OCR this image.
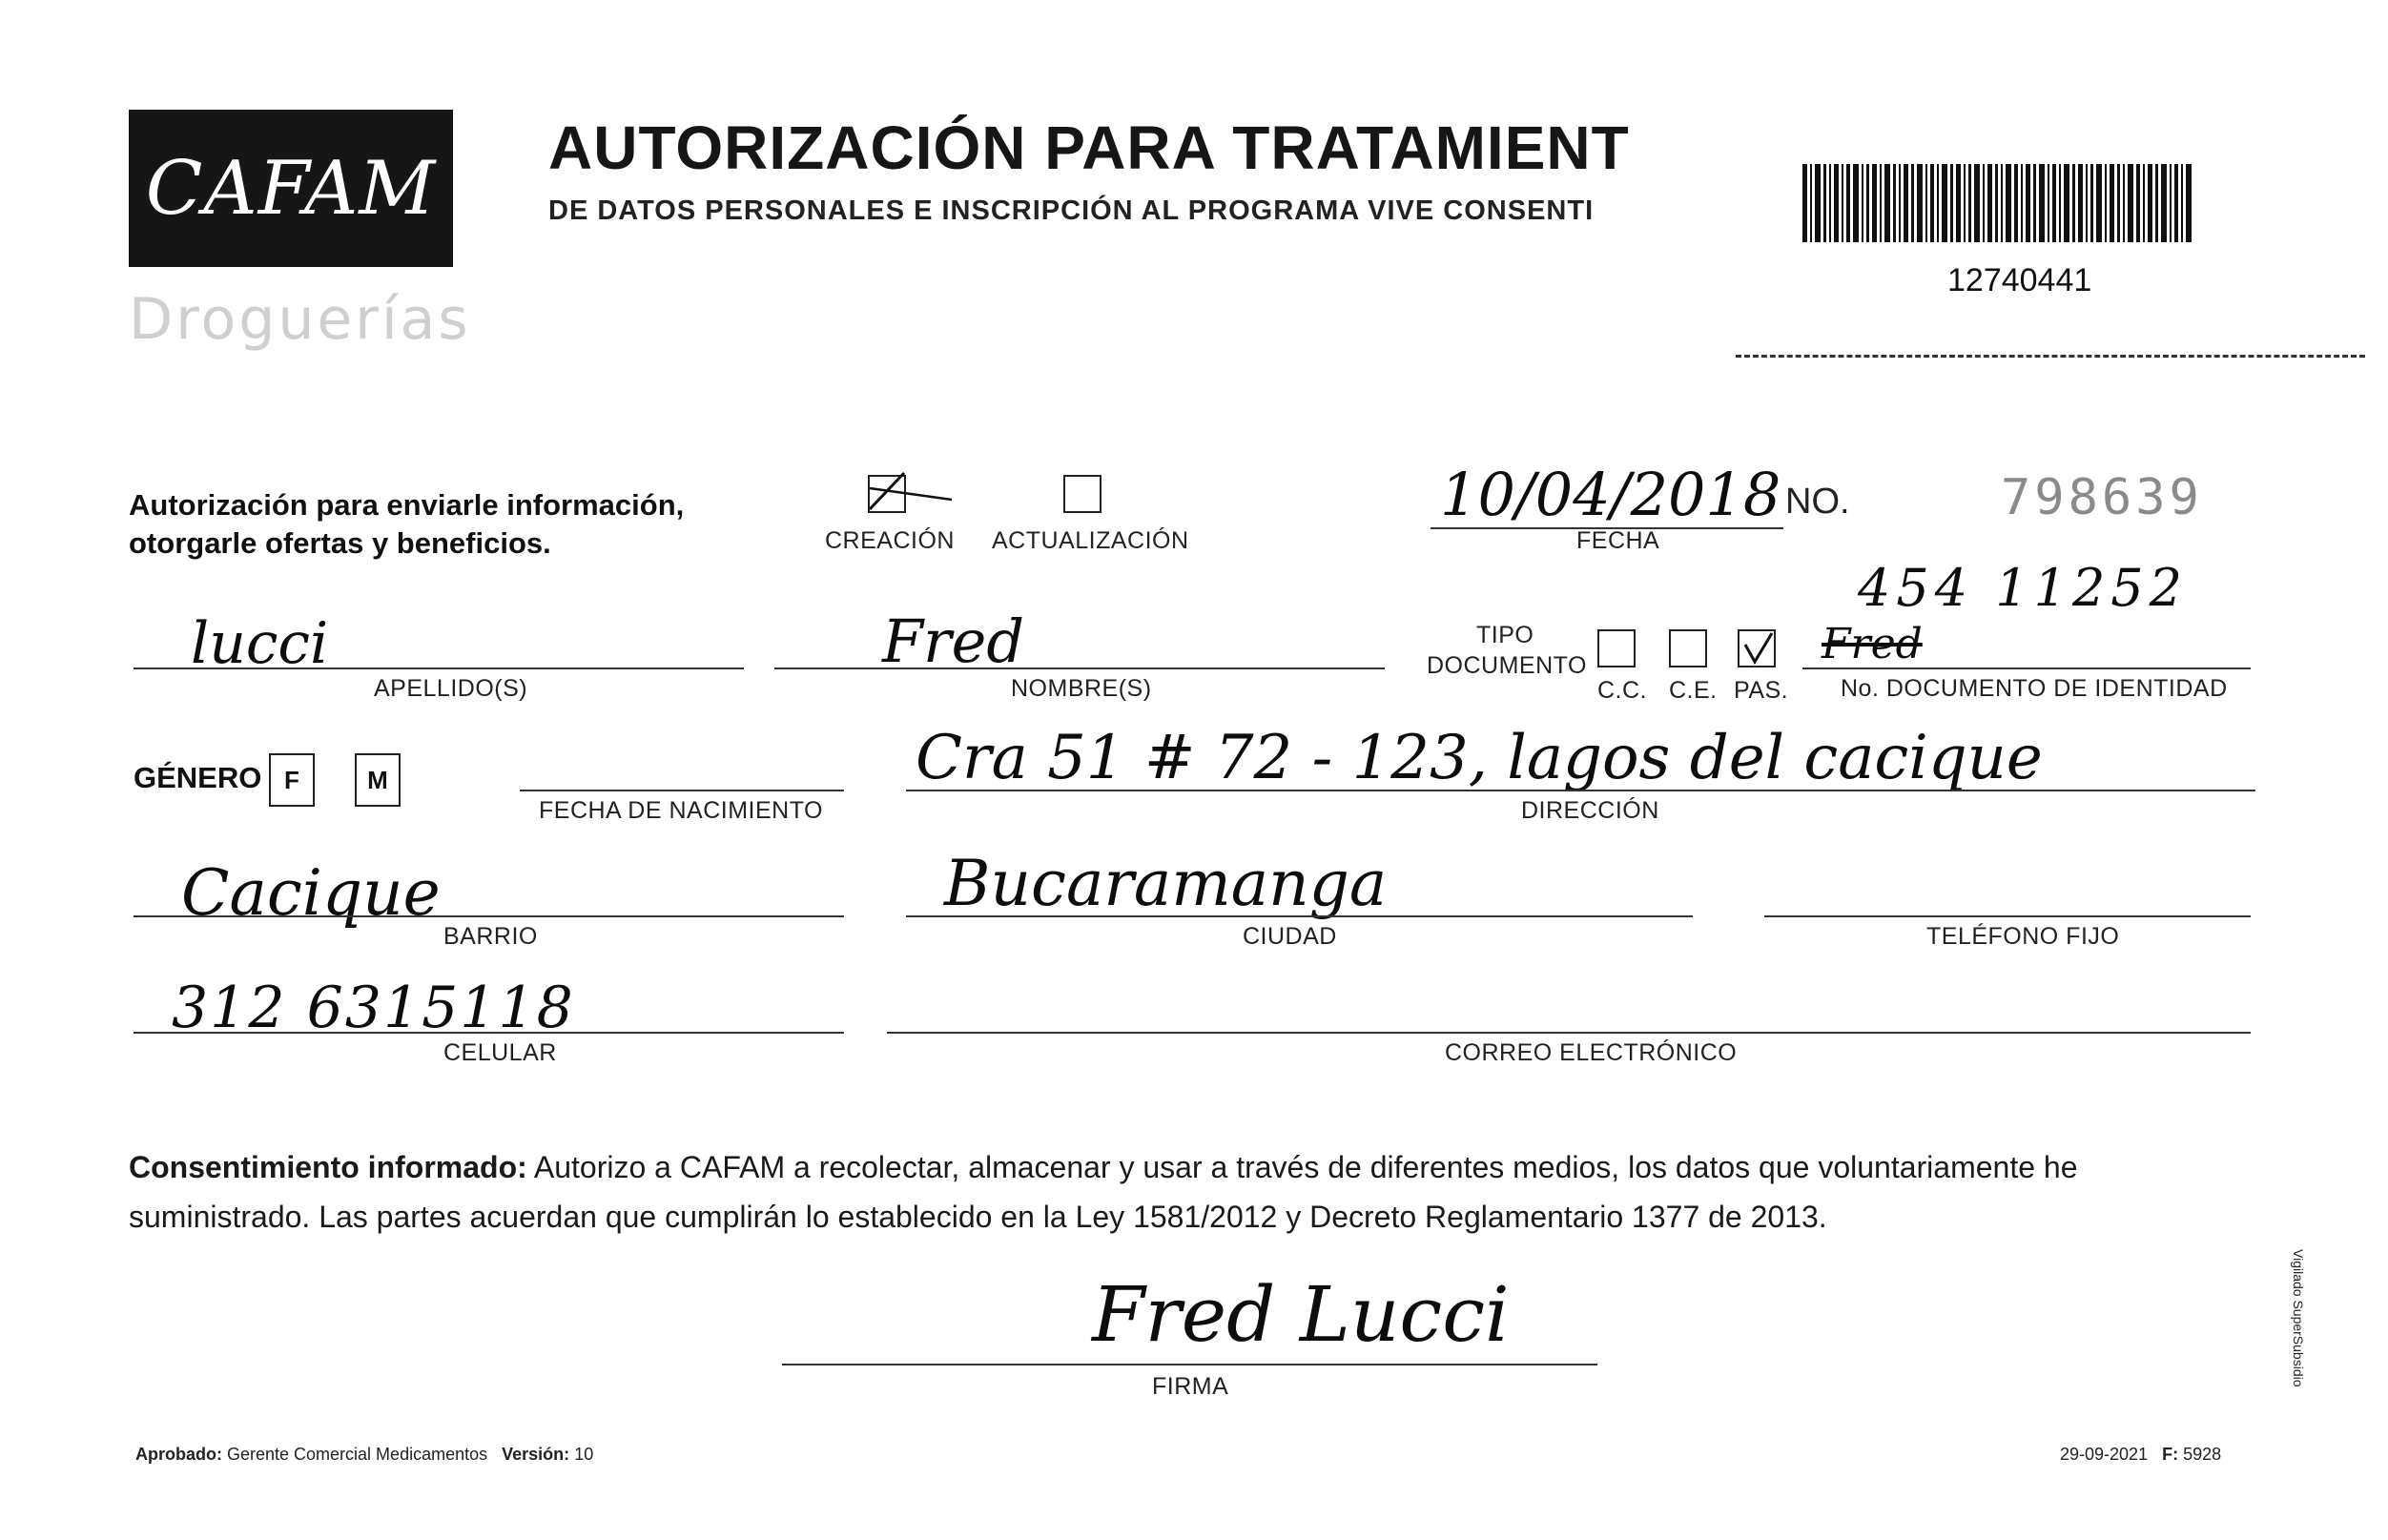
CAFAM
Droguerías
AUTORIZACIÓN PARA TRATAMIENT
DE DATOS PERSONALES E INSCRIPCIÓN AL PROGRAMA VIVE CONSENTI
12740441
Autorización para enviarle información,
otorgarle ofertas y beneficios.	CREACIÓN ACTUALIZACIÓN
10/04/2018
FECHA
NO.	798639
454 11252
lucci
APELLIDO(S)
Fred
NOMBRE(S)
TIPO
DOCUMENTO
C.C. C.E. PAS.
Fred
No. DOCUMENTO DE IDENTIDAD
GÉNERO F	M
FECHA DE NACIMIENTO
Cra 51 # 72 - 123, lagos del cacique
DIRECCIÓN
Cacique
BARRIO
Bucaramanga
CIUDAD	TELÉFONO FIJO
312 6315118
CELULAR	CORREO ELECTRÓNICO
Consentimiento informado: Autorizo a CAFAM a recolectar, almacenar y usar a través de diferentes medios, los datos que voluntariamente he suministrado. Las partes acuerdan que cumplirán lo establecido en la Ley 1581/2012 y Decreto Reglamentario 1377 de 2013.
Fred Lucci
FIRMA
Aprobado: Gerente Comercial Medicamentos Versión: 10	29-09-2021 F: 5928
Vigilado SuperSubsidio
